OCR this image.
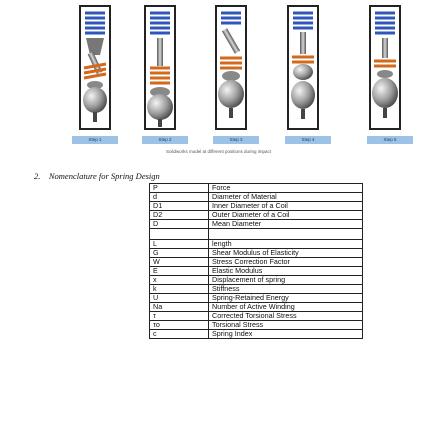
Step 1	Step 2	Step 3	Step 4	Step 5
Solidworks model at different positions during impact
2. Nomenclature for Spring Design
P	Force
d	Diameter of Material
D1	Inner Diameter of a Coil
D2	Outer Diameter of a Coil
D	Mean Diameter

L	length
G	Shear Modulus of Elasticity
W	Stress Correction Factor
E	Elastic Modulus
x	Displacement of spring
k	Stiffness
U	Spring-Retained Energy
Na	Number of Active Winding
τ	Corrected Torsional Stress
τo	Torsional Stress
c	Spring Index
